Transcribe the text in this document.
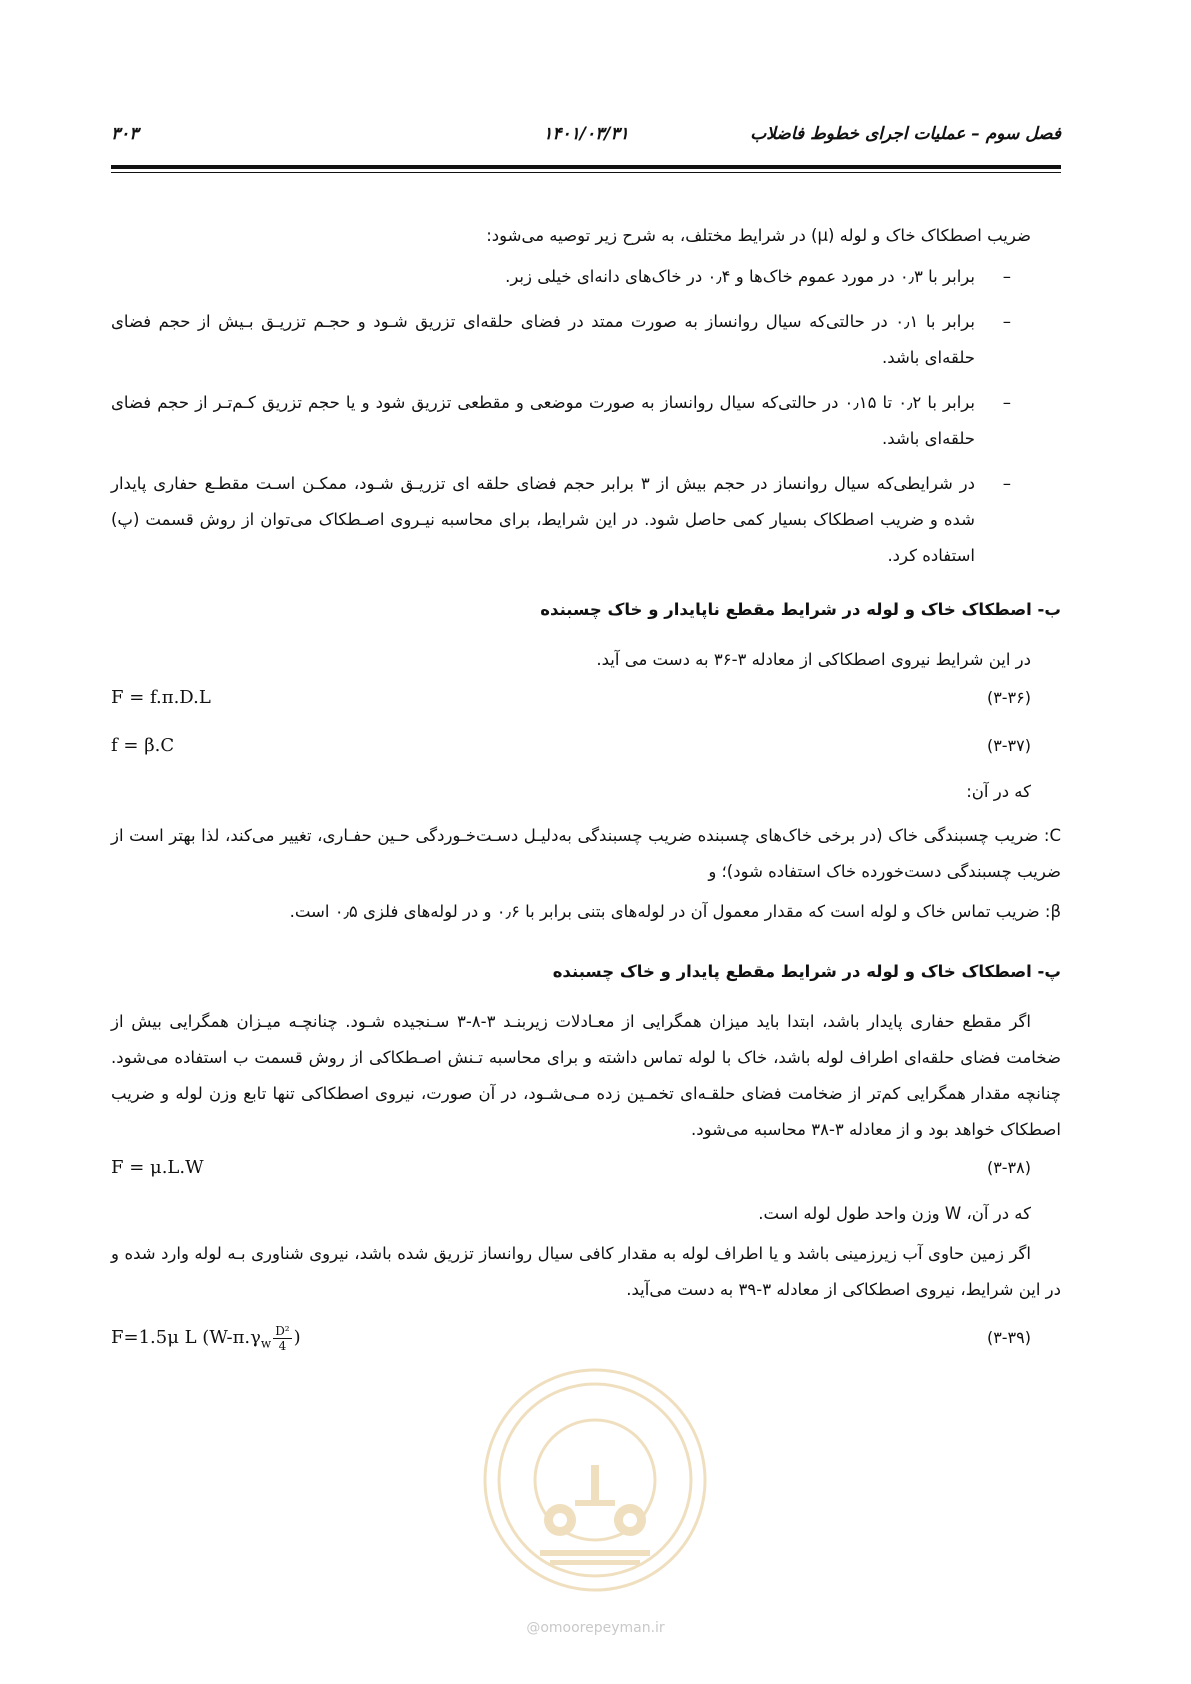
فصل سوم – عملیات اجرای خطوط فاضلاب
۱۴۰۱/۰۳/۳۱
۳۰۳

ضریب اصطکاک خاک و لوله (μ) در شرایط مختلف، به شرح زیر توصیه می‌شود:

–
برابر با ۰٫۳ در مورد عموم خاک‌ها و ۰٫۴ در خاک‌های دانه‌ای خیلی زبر.
–
برابر با ۰٫۱ در حالتی‌که سیال روانساز به صورت ممتد در فضای حلقه‌ای تزریق شـود و حجـم تزریـق بـیش از حجم فضای حلقه‌ای باشد.
–
برابر با ۰٫۲ تا ۰٫۱۵ در حالتی‌که سیال روانساز به صورت موضعی و مقطعی تزریق شود و یا حجم تزریق کـم‌تـر از حجم فضای حلقه‌ای باشد.
–
در شرایطی‌که سیال روانساز در حجم بیش از ۳ برابر حجم فضای حلقه ای تزریـق شـود، ممکـن اسـت مقطـع حفاری پایدار شده و ضریب اصطکاک بسیار کمی حاصل شود. در این شرایط، برای محاسبه نیـروی اصـطکاک می‌توان از روش قسمت (پ) استفاده کرد.

ب- اصطکاک خاک و لوله در شرایط مقطع ناپایدار و خاک چسبنده

در این شرایط نیروی اصطکاکی از معادله ۳-۳۶ به دست می آید.

F = f.π.D.L	(۳-۳۶)
f = β.C	(۳-۳۷)

که در آن:

C: ضریب چسبندگی خاک (در برخی خاک‌های چسبنده ضریب چسبندگی به‌دلیـل دسـت‌خـوردگی حـین حفـاری، تغییر می‌کند، لذا بهتر است از ضریب چسبندگی دست‌خورده خاک استفاده شود)؛ و

β: ضریب تماس خاک و لوله است که مقدار معمول آن در لوله‌های بتنی برابر با ۰٫۶ و در لوله‌های فلزی ۰٫۵ است.

پ- اصطکاک خاک و لوله در شرایط مقطع پایدار و خاک چسبنده

اگر مقطع حفاری پایدار باشد، ابتدا باید میزان همگرایی از معـادلات زیربنـد ۳-۸-۳ سـنجیده شـود. چنانچـه میـزان همگرایی بیش از ضخامت فضای حلقه‌ای اطراف لوله باشد، خاک با لوله تماس داشته و برای محاسبه تـنش اصـطکاکی از روش قسمت ب استفاده می‌شود. چنانچه مقدار همگرایی کم‌تر از ضخامت فضای حلقـه‌ای تخمـین زده مـی‌شـود، در آن صورت، نیروی اصطکاکی تنها تابع وزن لوله و ضریب اصطکاک خواهد بود و از معادله ۳-۳۸ محاسبه می‌شود.

F = μ.L.W	(۳-۳۸)

که در آن، W وزن واحد طول لوله است.

اگر زمین حاوی آب زیرزمینی باشد و یا اطراف لوله به مقدار کافی سیال روانساز تزریق شده باشد، نیروی شناوری بـه لوله وارد شده و در این شرایط، نیروی اصطکاکی از معادله ۳-۳۹ به دست می‌آید.

F=1.5μ L ($W-\pi.\gamma_w \frac{\text{D²}}{4}$ )	(۳-۳۹)
@omoorepeyman.ir
